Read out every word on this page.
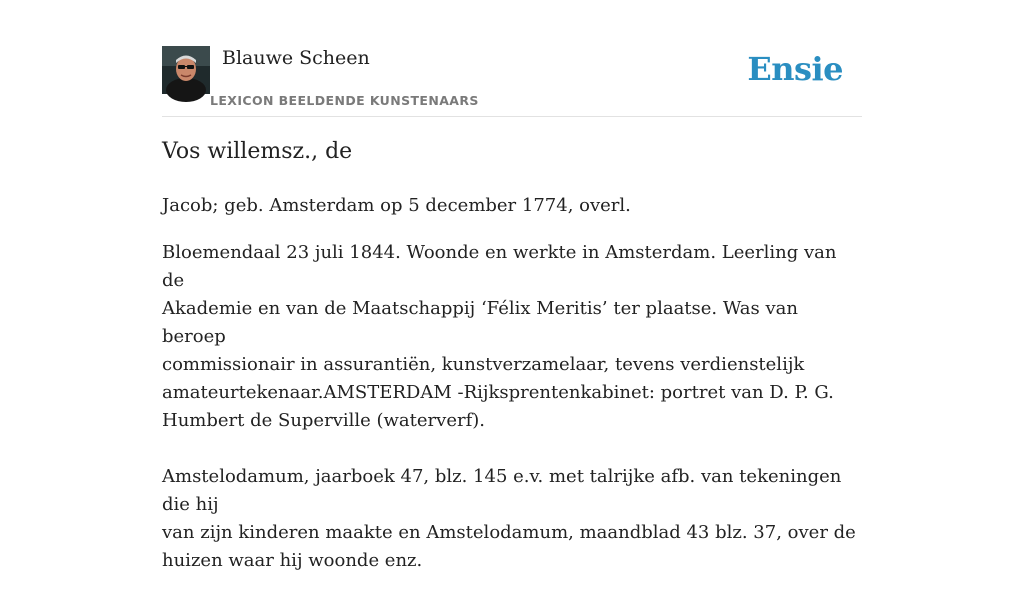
Blauwe Scheen
LEXICON BEELDENDE KUNSTENAARS
Ensie
Vos willemsz., de

Jacob; geb. Amsterdam op 5 december 1774, overl.

Bloemendaal 23 juli 1844. Woonde en werkte in Amsterdam. Leerling van de
Akademie en van de Maatschappij ‘Félix Meritis’ ter plaatse. Was van beroep
commissionair in assurantiën, kunstverzamelaar, tevens verdienstelijk
amateurtekenaar.AMSTERDAM -Rijksprentenkabinet: portret van D. P. G.
Humbert de Superville (waterverf).

Amstelodamum, jaarboek 47, blz. 145 e.v. met talrijke afb. van tekeningen die hij
van zijn kinderen maakte en Amstelodamum, maandblad 43 blz. 37, over de
huizen waar hij woonde enz.
